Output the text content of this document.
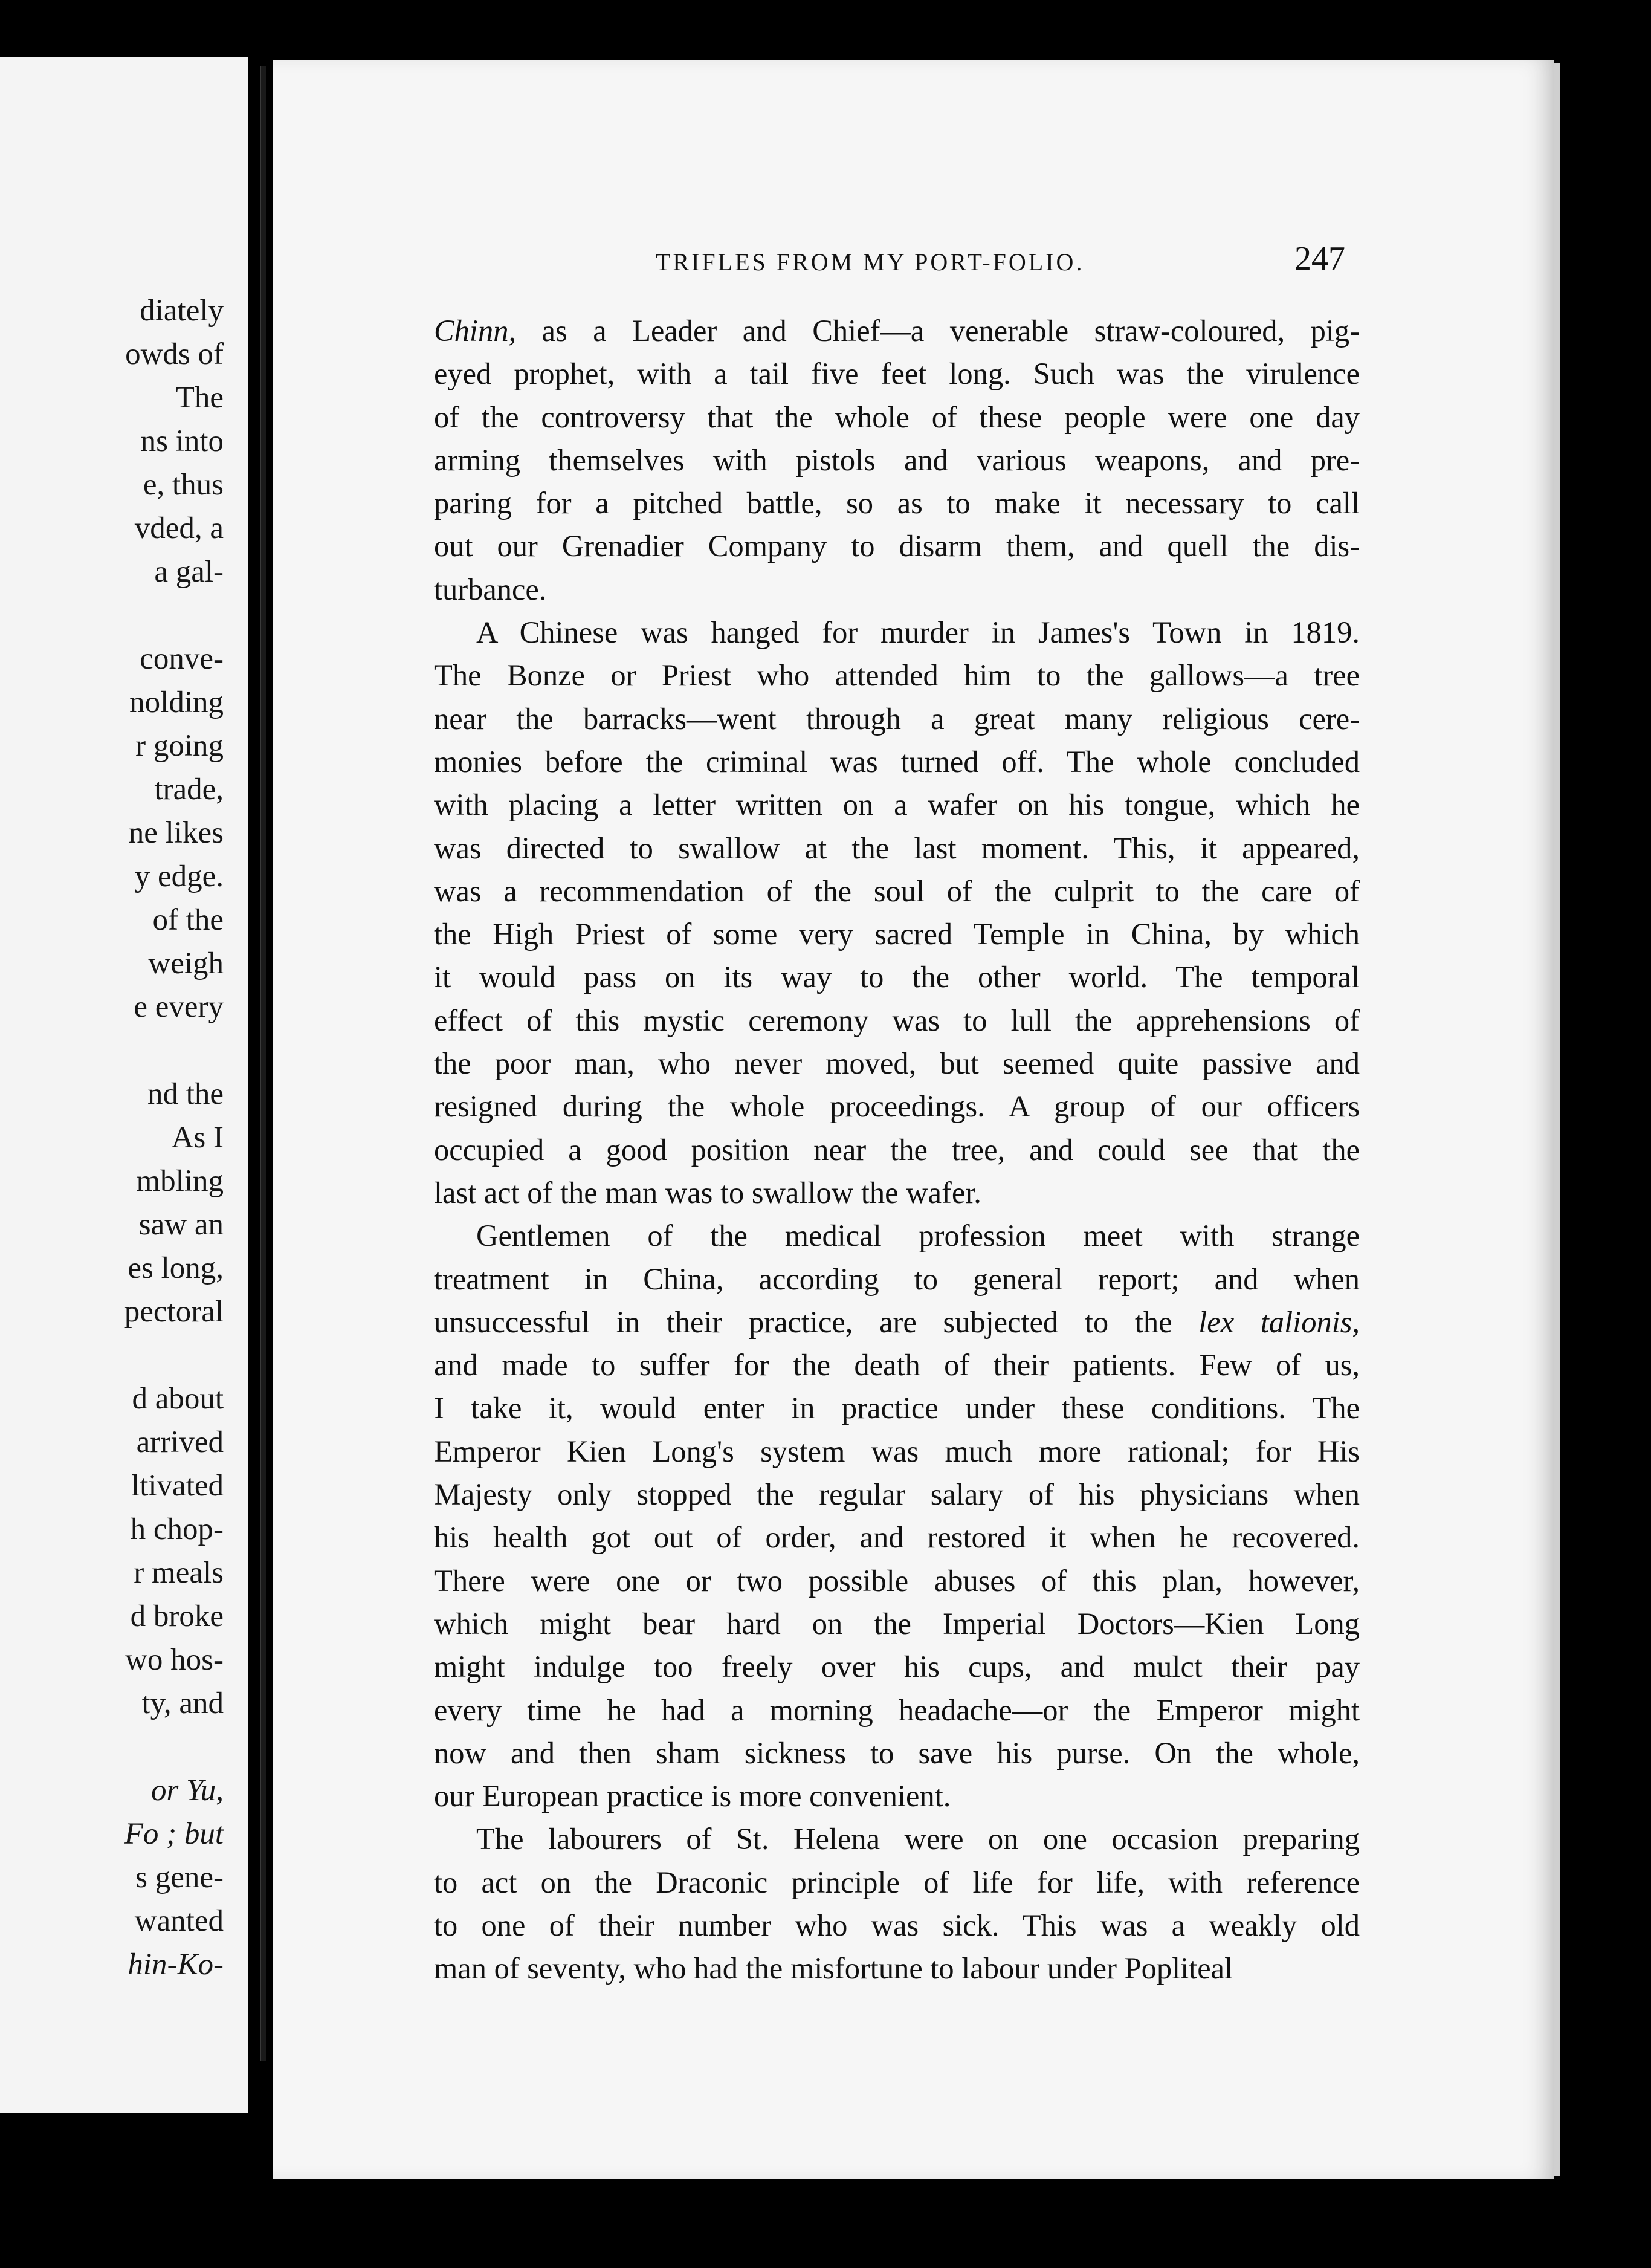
diately
owds of
The
ns into
e, thus
vded, a
a gal-
conve-
nolding
r going
trade,
ne likes
y edge.
of the
weigh
e every
nd the
As I
mbling
saw an
es long,
pectoral
d about
arrived
ltivated
h chop-
r meals
d broke
wo hos-
ty, and
or Yu,
Fo ; but
s gene-
wanted
hin-Ko-
TRIFLES FROM MY PORT-FOLIO.	247
Chinn, as a Leader and Chief—a venerable straw-coloured, pig-
eyed prophet, with a tail five feet long. Such was the virulence
of the controversy that the whole of these people were one day
arming themselves with pistols and various weapons, and pre-
paring for a pitched battle, so as to make it necessary to call
out our Grenadier Company to disarm them, and quell the dis-
turbance.
A Chinese was hanged for murder in James's Town in 1819.
The Bonze or Priest who attended him to the gallows—a tree
near the barracks—went through a great many religious cere-
monies before the criminal was turned off. The whole concluded
with placing a letter written on a wafer on his tongue, which he
was directed to swallow at the last moment. This, it appeared,
was a recommendation of the soul of the culprit to the care of
the High Priest of some very sacred Temple in China, by which
it would pass on its way to the other world. The temporal
effect of this mystic ceremony was to lull the apprehensions of
the poor man, who never moved, but seemed quite passive and
resigned during the whole proceedings. A group of our officers
occupied a good position near the tree, and could see that the
last act of the man was to swallow the wafer.
Gentlemen of the medical profession meet with strange
treatment in China, according to general report; and when
unsuccessful in their practice, are subjected to the lex talionis,
and made to suffer for the death of their patients. Few of us,
I take it, would enter in practice under these conditions. The
Emperor Kien Long's system was much more rational; for His
Majesty only stopped the regular salary of his physicians when
his health got out of order, and restored it when he recovered.
There were one or two possible abuses of this plan, however,
which might bear hard on the Imperial Doctors—Kien Long
might indulge too freely over his cups, and mulct their pay
every time he had a morning headache—or the Emperor might
now and then sham sickness to save his purse. On the whole,
our European practice is more convenient.
The labourers of St. Helena were on one occasion preparing
to act on the Draconic principle of life for life, with reference
to one of their number who was sick. This was a weakly old
man of seventy, who had the misfortune to labour under Popliteal
